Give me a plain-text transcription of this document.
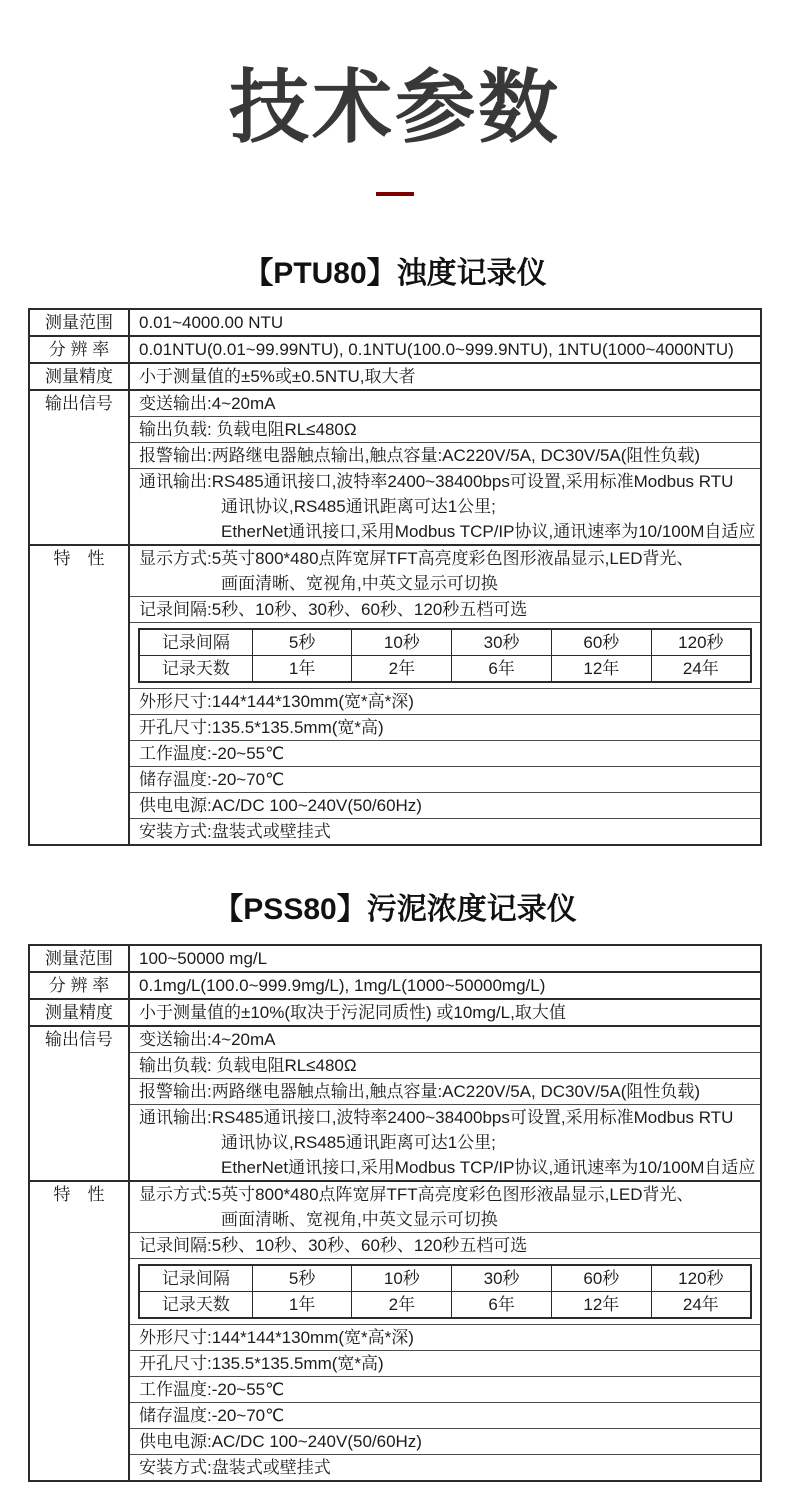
技术参数
【PTU80】浊度记录仪
测量范围	0.01~4000.00 NTU
分 辨 率	0.01NTU(0.01~99.99NTU), 0.1NTU(100.0~999.9NTU), 1NTU(1000~4000NTU)
测量精度	小于测量值的±5%或±0.5NTU,取大者
输出信号	变送输出:4~20mA
输出负载: 负载电阻RL≤480Ω
报警输出:两路继电器触点输出,触点容量:AC220V/5A, DC30V/5A(阻性负载)
通讯输出:RS485通讯接口,波特率2400~38400bps可设置,采用标准Modbus RTU
通讯协议,RS485通讯距离可达1公里;
EtherNet通讯接口,采用Modbus TCP/IP协议,通讯速率为10/100M自适应
特　性	显示方式:5英寸800*480点阵宽屏TFT高亮度彩色图形液晶显示,LED背光、
画面清晰、宽视角,中英文显示可切换
记录间隔:5秒、10秒、30秒、60秒、120秒五档可选
记录间隔	5秒	10秒	30秒	60秒	120秒
记录天数	1年	2年	6年	12年	24年
外形尺寸:144*144*130mm(宽*高*深)
开孔尺寸:135.5*135.5mm(宽*高)
工作温度:-20~55℃
储存温度:-20~70℃
供电电源:AC/DC 100~240V(50/60Hz)
安装方式:盘装式或壁挂式
【PSS80】污泥浓度记录仪
测量范围	100~50000 mg/L
分 辨 率	0.1mg/L(100.0~999.9mg/L), 1mg/L(1000~50000mg/L)
测量精度	小于测量值的±10%(取决于污泥同质性) 或10mg/L,取大值
输出信号	变送输出:4~20mA
输出负载: 负载电阻RL≤480Ω
报警输出:两路继电器触点输出,触点容量:AC220V/5A, DC30V/5A(阻性负载)
通讯输出:RS485通讯接口,波特率2400~38400bps可设置,采用标准Modbus RTU
通讯协议,RS485通讯距离可达1公里;
EtherNet通讯接口,采用Modbus TCP/IP协议,通讯速率为10/100M自适应
特　性	显示方式:5英寸800*480点阵宽屏TFT高亮度彩色图形液晶显示,LED背光、
画面清晰、宽视角,中英文显示可切换
记录间隔:5秒、10秒、30秒、60秒、120秒五档可选
记录间隔	5秒	10秒	30秒	60秒	120秒
记录天数	1年	2年	6年	12年	24年
外形尺寸:144*144*130mm(宽*高*深)
开孔尺寸:135.5*135.5mm(宽*高)
工作温度:-20~55℃
储存温度:-20~70℃
供电电源:AC/DC 100~240V(50/60Hz)
安装方式:盘装式或壁挂式
